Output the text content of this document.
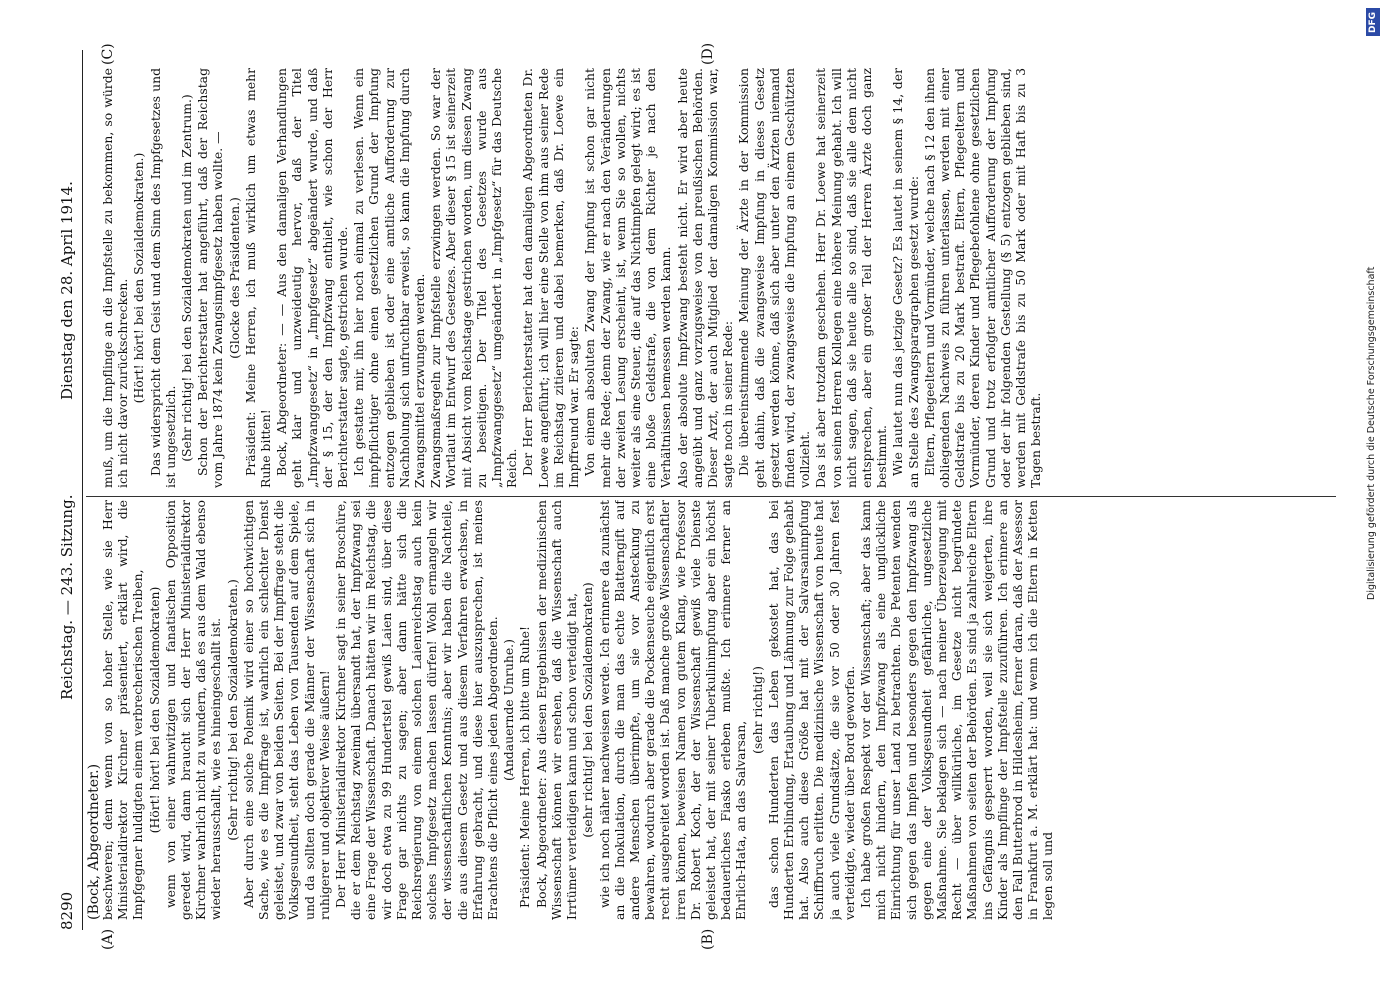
8290
Reichstag. — 243. Sitzung.
Dienstag den 28. April 1914.
(A)	(B)
(C)	(D)
(Bock, Abgeordneter.)

beschweren; denn wenn von so hoher Stelle, wie sie Herr Ministerialdirektor Kirchner präsentiert, erklärt wird, die Impfgegner huldigten einem verbrecherischen Treiben, (Hört! hört! bei den Sozialdemokraten) wenn von einer wahnwitzigen und fanatischen Opposition geredet wird, dann braucht sich der Herr Ministerialdirektor Kirchner wahrlich nicht zu wundern, daß es aus dem Wald ebenso wieder herausschallt, wie es hineingeschallt ist. (Sehr richtig! bei den Sozialdemokraten.) Aber durch eine solche Polemik wird einer so hochwichtigen Sache, wie es die Impffrage ist, wahrlich ein schlechter Dienst geleistet, und zwar von beiden Seiten. Bei der Impffrage steht die Volksgesundheit, steht das Leben von Tausenden auf dem Spiele, und da sollten doch gerade die Männer der Wissenschaft sich in ruhigerer und objektiver Weise äußern! Der Herr Ministerialdirektor Kirchner sagt in seiner Broschüre, die er dem Reichstag zweimal übersandt hat, der Impfzwang sei eine Frage der Wissenschaft. Danach hätten wir im Reichstag, die wir doch etwa zu 99 Hundertstel gewiß Laien sind, über diese Frage gar nichts zu sagen; aber dann hätte sich die Reichsregierung von einem solchen Laienreichstag auch kein solches Impfgesetz machen lassen dürfen! Wohl ermangeln wir der wissenschaftlichen Kenntnis; aber wir haben die Nachteile, die aus diesem Gesetz und aus diesem Verfahren erwachsen, in Erfahrung gebracht, und diese hier auszusprechen, ist meines Erachtens die Pflicht eines jeden Abgeordneten. (Andauernde Unruhe.) Präsident: Meine Herren, ich bitte um Ruhe! Bock, Abgeordneter: Aus diesen Ergebnissen der medizinischen Wissenschaft können wir ersehen, daß die Wissenschaft auch Irrtümer verteidigen kann und schon verteidigt hat, (sehr richtig! bei den Sozialdemokraten) wie ich noch näher nachweisen werde. Ich erinnere da zunächst an die Inokulation, durch die man das echte Blatterngift auf andere Menschen überimpfte, um sie vor Ansteckung zu bewahren, wodurch aber gerade die Pockenseuche eigentlich erst recht ausgebreitet worden ist. Daß manche große Wissenschaftler irren können, beweisen Namen von gutem Klang, wie Professor Dr. Robert Koch, der der Wissenschaft gewiß viele Dienste geleistet hat, der mit seiner Tuberkulinimpfung aber ein höchst bedauerliches Fiasko erleben mußte. Ich erinnere ferner an Ehrlich-Hata, an das Salvarsan,

(sehr richtig!) das schon Hunderten das Leben gekostet hat, das bei Hunderten Erblindung, Ertaubung und Lähmung zur Folge gehabt hat. Also auch diese Größe hat mit der Salvarsanimpfung Schiffbruch erlitten. Die medizinische Wissenschaft von heute hat ja auch viele Grundsätze, die sie vor 50 oder 30 Jahren fest verteidigte, wieder über Bord geworfen. Ich habe großen Respekt vor der Wissenschaft; aber das kann mich nicht hindern, den Impfzwang als eine unglückliche Einrichtung für unser Land zu betrachten. Die Petenten wenden sich gegen das Impfen und besonders gegen den Impfzwang als gegen eine der Volksgesundheit gefährliche, ungesetzliche Maßnahme. Sie beklagen sich — nach meiner Überzeugung mit Recht — über willkürliche, im Gesetze nicht begründete Maßnahmen von seiten der Behörden. Es sind ja zahlreiche Eltern ins Gefängnis gesperrt worden, weil sie sich weigerten, ihre Kinder als Impflinge der Impfstelle zuzuführen. Ich erinnere an den Fall Butterbrod in Hildesheim, ferner daran, daß der Assessor in Frankfurt a. M. erklärt hat: und wenn ich die Eltern in Ketten legen soll und

muß, um die Impflinge an die Impfstelle zu bekommen, so würde ich nicht davor zurückschrecken. (Hört! hört! bei den Sozialdemokraten.) Das widerspricht dem Geist und dem Sinn des Impfgesetzes und ist ungesetzlich. (Sehr richtig! bei den Sozialdemokraten und im Zentrum.) Schon der Berichterstatter hat angeführt, daß der Reichstag vom Jahre 1874 kein Zwangsimpfgesetz haben wollte. — (Glocke des Präsidenten.) Präsident: Meine Herren, ich muß wirklich um etwas mehr Ruhe bitten! Bock, Abgeordneter: — — Aus den damaligen Verhandlungen geht klar und unzweideutig hervor, daß der Titel „Impfzwanggesetz“ in „Impfgesetz“ abgeändert wurde, und daß der § 15, der den Impfzwang enthielt, wie schon der Herr Berichterstatter sagte, gestrichen wurde. Ich gestatte mir, ihn hier noch einmal zu verlesen. Wenn ein impfpflichtiger ohne einen gesetzlichen Grund der Impfung entzogen geblieben ist oder eine amtliche Aufforderung zur Nachholung sich unfruchtbar erweist, so kann die Impfung durch Zwangsmittel erzwungen werden. Zwangsmaßregeln zur Impfstelle erzwingen werden. So war der Wortlaut im Entwurf des Gesetzes. Aber dieser § 15 ist seinerzeit mit Absicht vom Reichstage gestrichen worden, um diesen Zwang zu beseitigen. Der Titel des Gesetzes wurde aus „Impfzwanggesetz“ umgeändert in „Impfgesetz“ für das Deutsche Reich. Der Herr Berichterstatter hat den damaligen Abgeordneten Dr. Loewe angeführt; ich will hier eine Stelle von ihm aus seiner Rede im Reichstag zitieren und dabei bemerken, daß Dr. Loewe ein Impffreund war. Er sagte: Von einem absoluten Zwang der Impfung ist schon gar nicht mehr die Rede; denn der Zwang, wie er nach den Veränderungen der zweiten Lesung erscheint, ist, wenn Sie so wollen, nichts weiter als eine Steuer, die auf das Nichtimpfen gelegt wird; es ist eine bloße Geldstrafe, die von dem Richter je nach den Verhältnissen bemessen werden kann. Also der absolute Impfzwang besteht nicht. Er wird aber heute angeübt und ganz vorzugsweise von den preußischen Behörden. Dieser Arzt, der auch Mitglied der damaligen Kommission war, sagte noch in seiner Rede: Die übereinstimmende Meinung der Ärzte in der Kommission geht dahin, daß die zwangsweise Impfung in dieses Gesetz gesetzt werden könne, daß sich aber unter den Ärzten niemand finden wird, der zwangsweise die Impfung an einem Geschützten vollzieht. Das ist aber trotzdem geschehen. Herr Dr. Loewe hat seinerzeit von seinen Herren Kollegen eine höhere Meinung gehabt. Ich will nicht sagen, daß sie heute alle so sind, daß sie alle dem nicht entsprechen, aber ein großer Teil der Herren Ärzte doch ganz bestimmt. Wie lautet nun das jetzige Gesetz? Es lautet in seinem § 14, der an Stelle des Zwangsparagraphen gesetzt wurde: Eltern, Pflegeeltern und Vormünder, welche nach § 12 den ihnen obliegenden Nachweis zu führen unterlassen, werden mit einer Geldstrafe bis zu 20 Mark bestraft. Eltern, Pflegeeltern und Vormünder, deren Kinder und Pflegebefohlene ohne gesetzlichen Grund und trotz erfolgter amtlicher Aufforderung der Impfung oder der ihr folgenden Gestellung (§ 5) entzogen geblieben sind, werden mit Geldstrafe bis zu 50 Mark oder mit Haft bis zu 3 Tagen bestraft.

DFG
Digitalisierung gefördert durch die Deutsche Forschungsgemeinschaft
